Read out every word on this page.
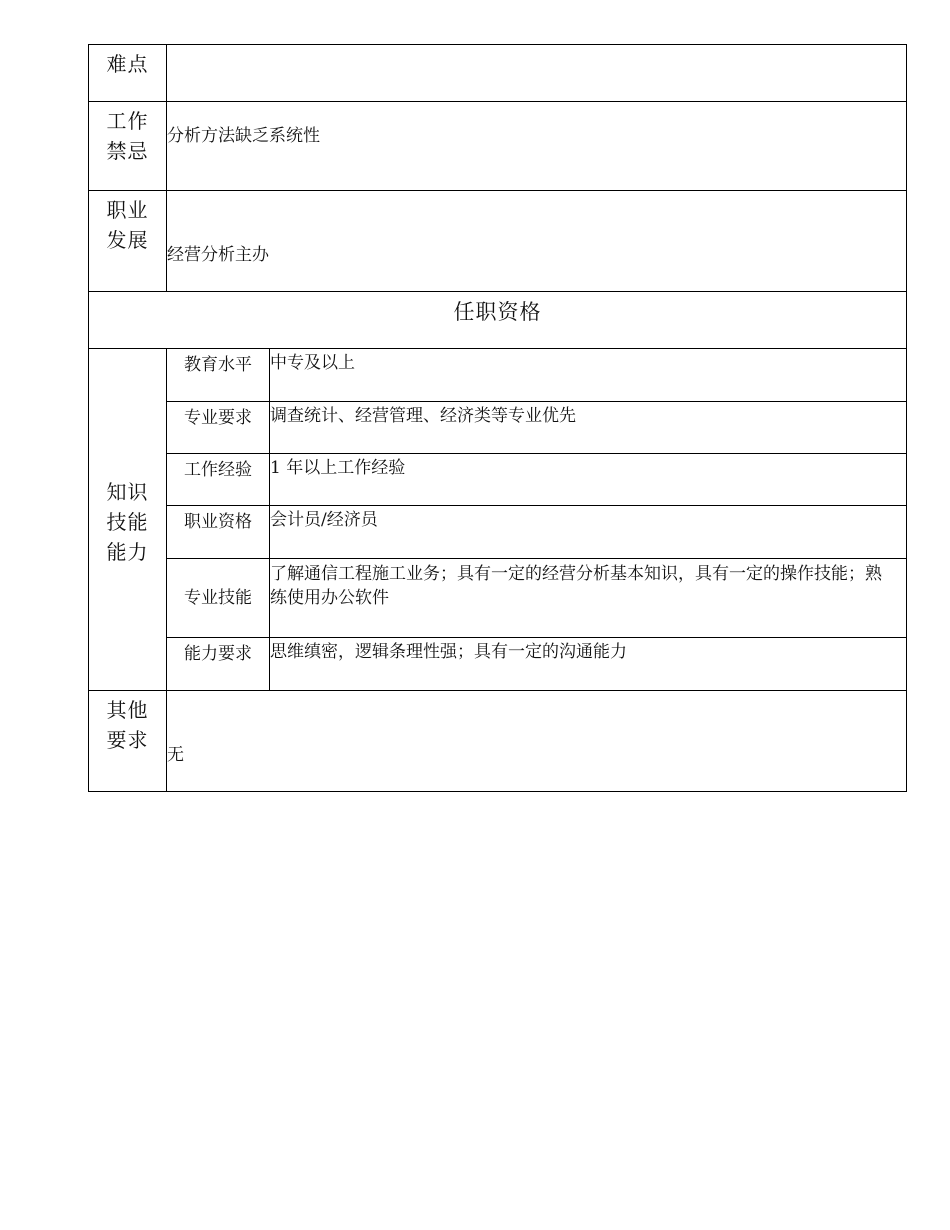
难点		
工作禁忌	分析方法缺乏系统性	
职业发展	经营分析主办	
任职资格		
知识技能能力	教育水平	中专及以上
	专业要求	调查统计、经营管理、经济类等专业优先
	工作经验	1 年以上工作经验
	职业资格	会计员/经济员
	专业技能	了解通信工程施工业务；具有一定的经营分析基本知识，具有一定的操作技能；熟练使用办公软件
	能力要求	思维缜密，逻辑条理性强；具有一定的沟通能力
其他要求	无	
